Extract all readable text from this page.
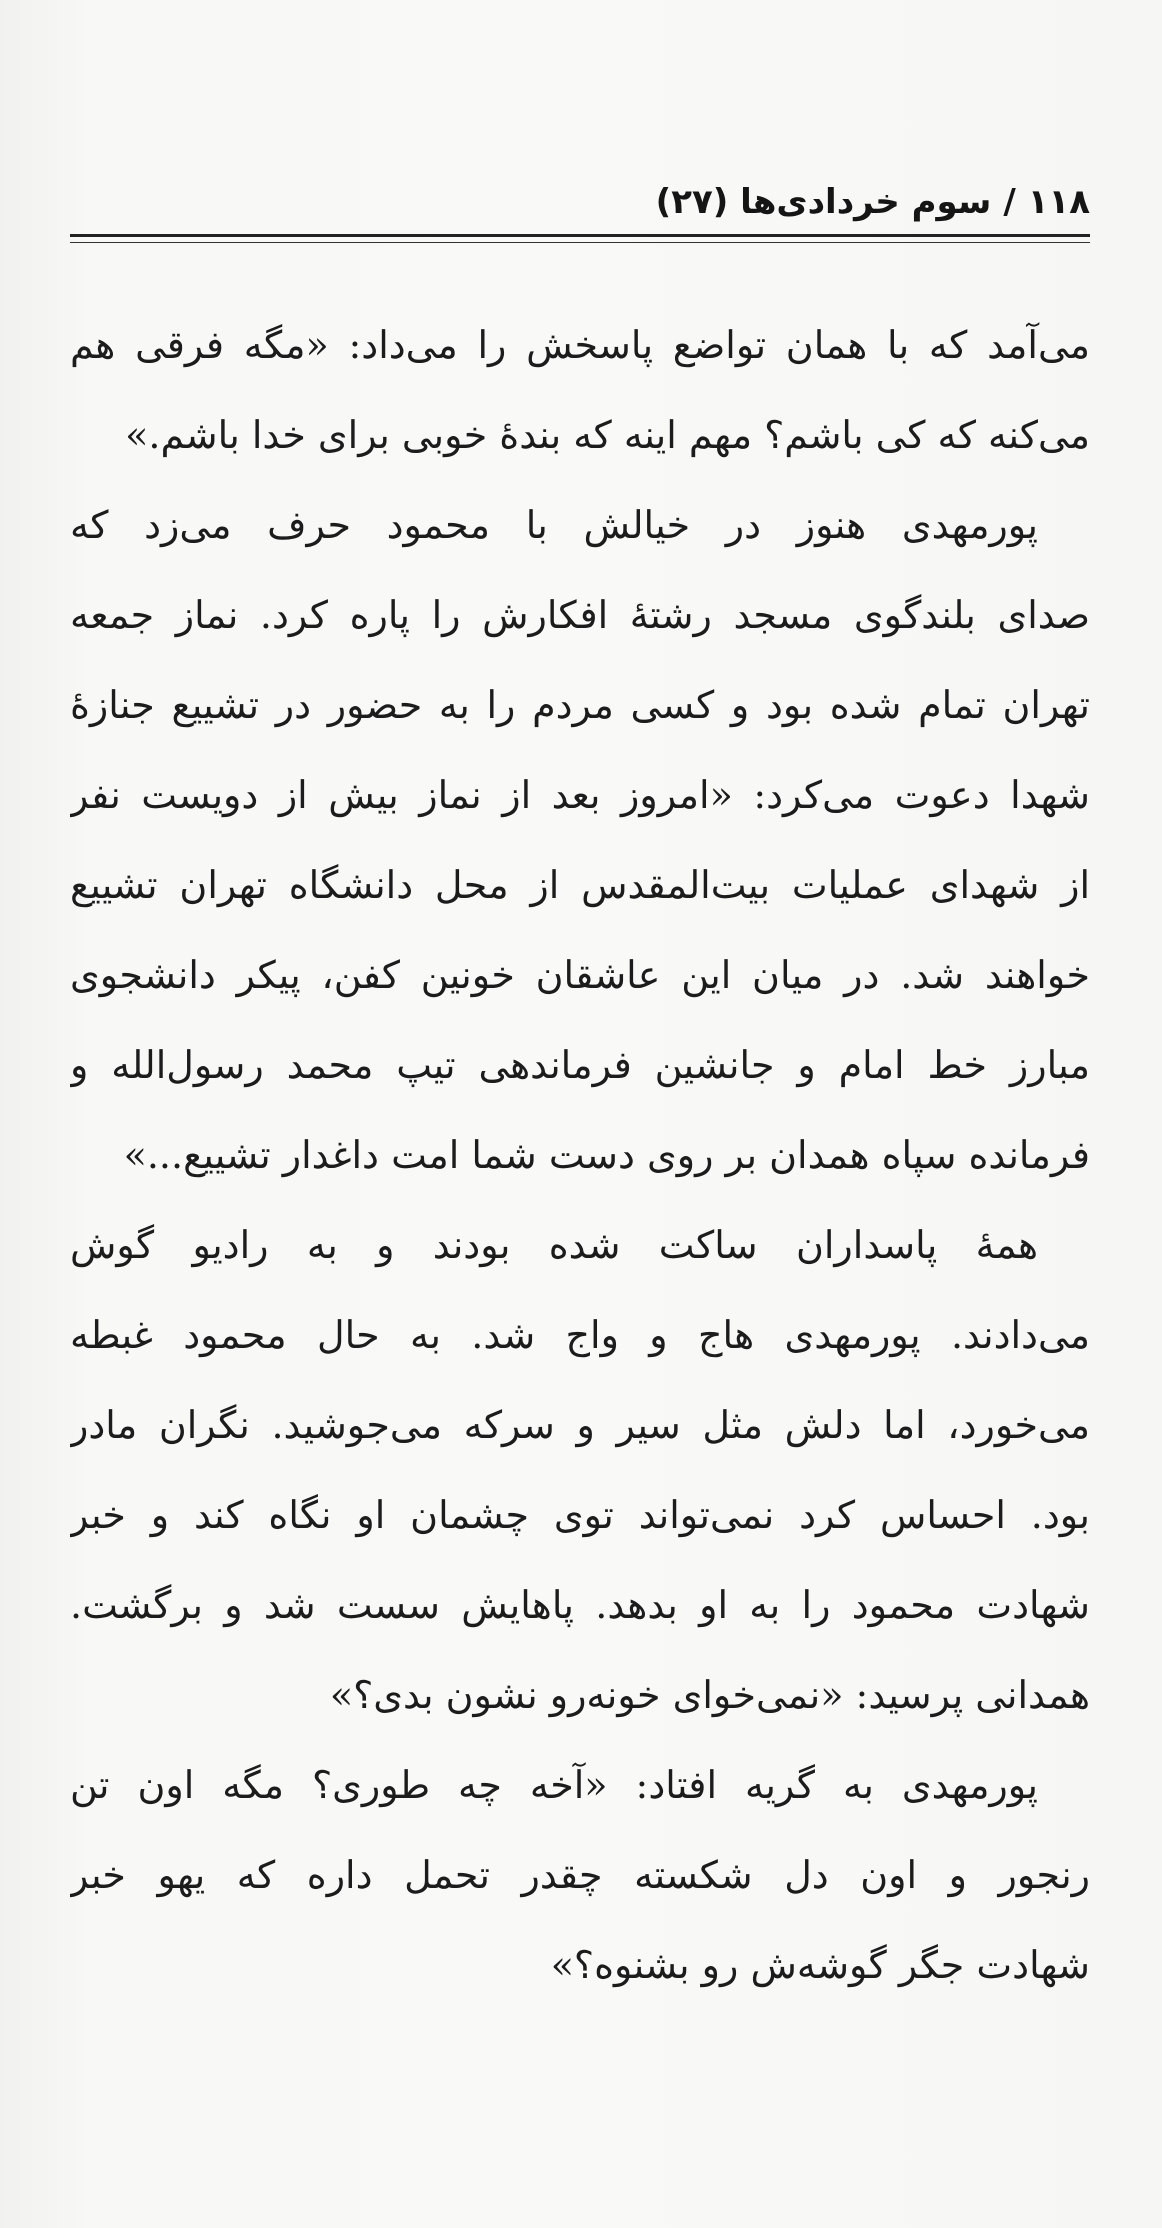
۱۱۸
/
سوم خردادی‌ها (۲۷)
می‌آمد که با همان تواضع پاسخش را می‌داد: «مگه فرقی هم
می‌کنه که کی باشم؟ مهم اینه که بندهٔ خوبی برای خدا باشم.»
پورمهدی هنوز در خیالش با محمود حرف می‌زد که
صدای بلندگوی مسجد رشتهٔ افکارش را پاره کرد. نماز جمعه
تهران تمام شده بود و کسی مردم را به حضور در تشییع جنازهٔ
شهدا دعوت می‌کرد: «امروز بعد از نماز بیش از دویست نفر
از شهدای عملیات بیت‌المقدس از محل دانشگاه تهران تشییع
خواهند شد. در میان این عاشقان خونین کفن، پیکر دانشجوی
مبارز خط امام و جانشین فرماندهی تیپ محمد رسول‌الله و
فرمانده سپاه همدان بر روی دست شما امت داغدار تشییع...»
همهٔ پاسداران ساکت شده بودند و به رادیو گوش
می‌دادند. پورمهدی هاج و واج شد. به حال محمود غبطه
می‌خورد، اما دلش مثل سیر و سرکه می‌جوشید. نگران مادر
بود. احساس کرد نمی‌تواند توی چشمان او نگاه کند و خبر
شهادت محمود را به او بدهد. پاهایش سست شد و برگشت.
همدانی پرسید: «نمی‌خوای خونه‌رو نشون بدی؟»
پورمهدی به گریه افتاد: «آخه چه طوری؟ مگه اون تن
رنجور و اون دل شکسته چقدر تحمل داره که یهو خبر
شهادت جگر گوشه‌ش رو بشنوه؟»
